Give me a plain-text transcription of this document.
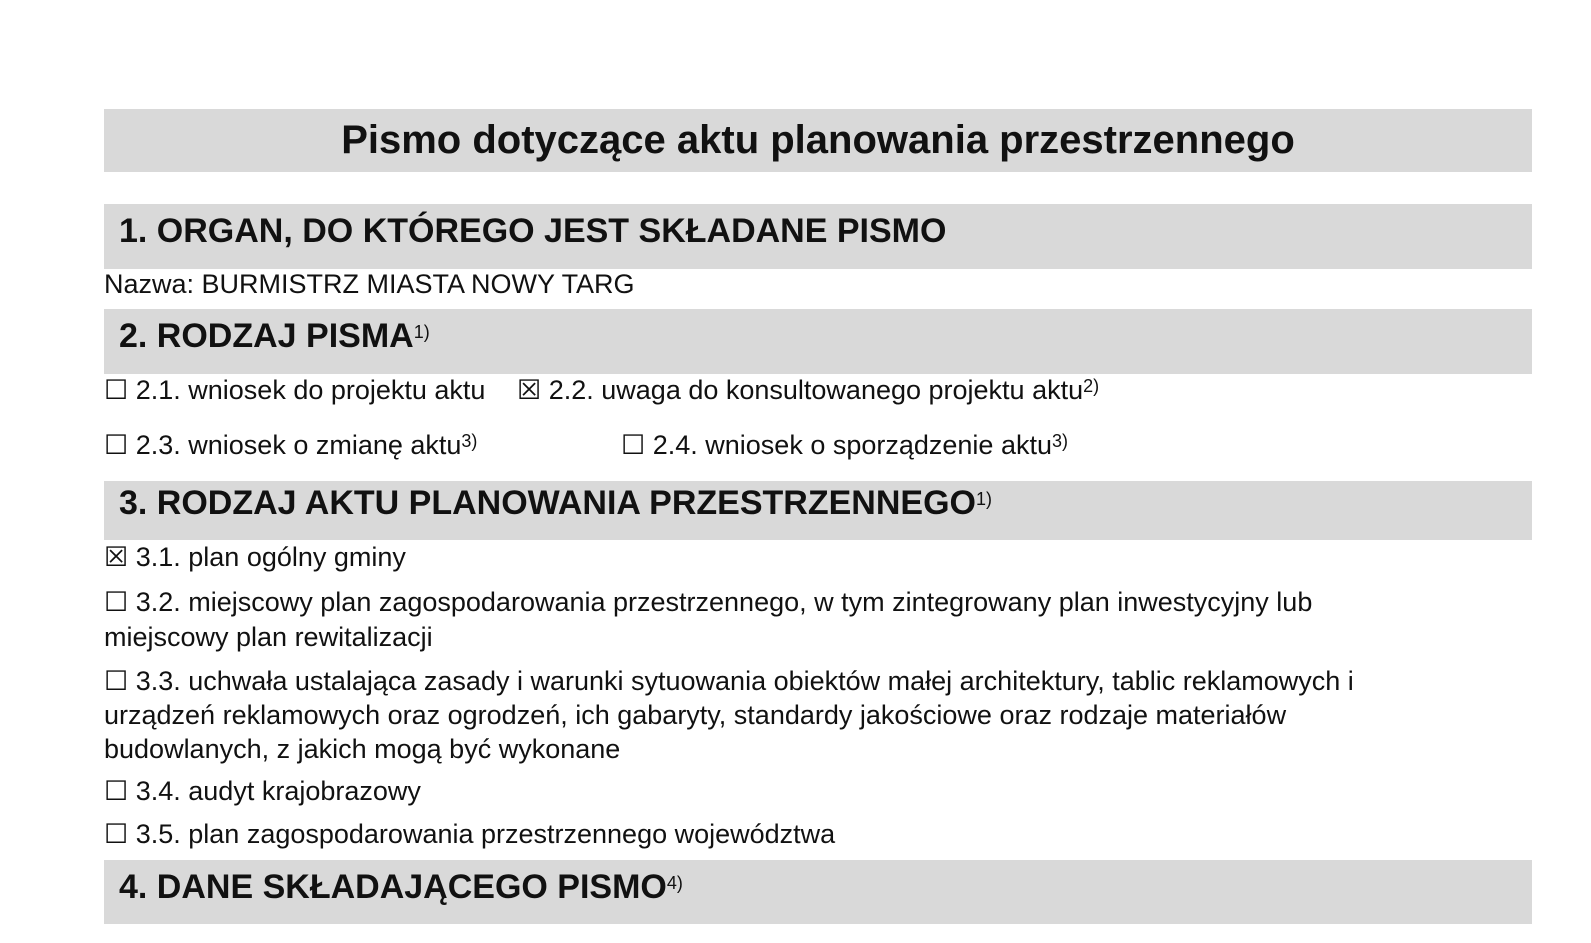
Pismo dotyczące aktu planowania przestrzennego
1. ORGAN, DO KTÓREGO JEST SKŁADANE PISMO
Nazwa: BURMISTRZ MIASTA NOWY TARG
2. RODZAJ PISMA$^{1)}$
☐ 2.1. wniosek do projektu aktu ☒ 2.2. uwaga do konsultowanego projektu aktu$^{2)}$
☐ 2.3. wniosek o zmianę aktu$^{3)}$	☐ 2.4. wniosek o sporządzenie aktu$^{3)}$
3. RODZAJ AKTU PLANOWANIA PRZESTRZENNEGO$^{1)}$
☒ 3.1. plan ogólny gminy
☐ 3.2. miejscowy plan zagospodarowania przestrzennego, w tym zintegrowany plan inwestycyjny lub miejscowy plan rewitalizacji
☐ 3.3. uchwała ustalająca zasady i warunki sytuowania obiektów małej architektury, tablic reklamowych i urządzeń reklamowych oraz ogrodzeń, ich gabaryty, standardy jakościowe oraz rodzaje materiałów budowlanych, z jakich mogą być wykonane
☐ 3.4. audyt krajobrazowy
☐ 3.5. plan zagospodarowania przestrzennego województwa
4. DANE SKŁADAJĄCEGO PISMO$^{4)}$
